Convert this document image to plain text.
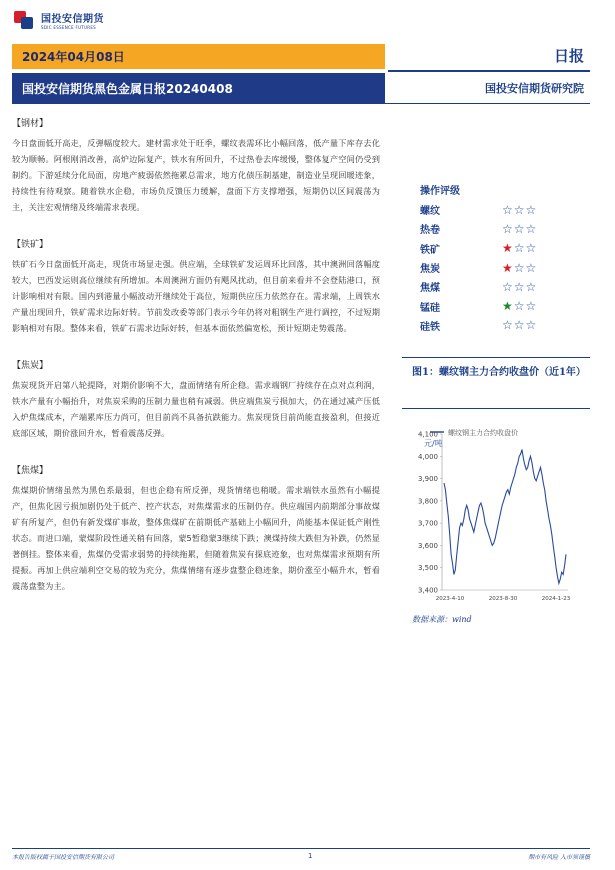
国投安信期货
SDIC ESSENCE FUTURES
2024年04月08日	日报
国投安信期货黑色金属日报20240408	国投安信期货研究院
【钢材】

今日盘面低开高走，反弹幅度较大。建材需求处于旺季，螺纹表需环比小幅回落，低产量下库存去化较为顺畅。阿根刚消改善，高炉边际复产，铁水有所回升，不过热卷去库缓慢，整体复产空间仍受到制约。下游延续分化局面，房地产疲弱依然拖累总需求，地方化债压制基建，制造业呈现回暖迹象，持续性有待观察。随着铁水企稳，市场负反馈压力缓解，盘面下方支撑增强，短期仍以区间震荡为主，关注宏观情绪及终端需求表现。

【铁矿】

铁矿石今日盘面低开高走，现货市场显走强。供应端，全球铁矿发运周环比回落，其中澳洲回落幅度较大，巴西发运则高位继续有所增加。本周澳洲方面仍有飓风扰动，但目前来看并不会登陆港口，预计影响相对有限。国内到港量小幅波动开继续处于高位，短期供应压力依然存在。需求端，上周铁水产量出现回升，铁矿需求边际好转。节前发改委等部门表示今年仍将对粗钢生产进行调控，不过短期影响相对有限。整体来看，铁矿石需求边际好转，但基本面依然偏宽松，预计短期走势震荡。

【焦炭】

焦炭现货开启第八轮提降，对期价影响不大，盘面情绪有所企稳。需求端钢厂持续存在点对点利润，铁水产量有小幅抬升，对焦炭采购的压制力量也稍有减弱。供应端焦炭亏损加大，仍在通过减产压低入炉焦煤成本，产端累库压力尚可，但目前尚不具备抗跌能力。焦炭现货目前尚能直接盈利，但接近底部区域，期价涨回升水，暂看震荡反弹。

【焦煤】

焦煤期价情绪虽然为黑色系最弱，但也企稳有所反弹，现货情绪也稍暖。需求端铁水虽然有小幅提产，但焦化因亏损加剧仍处于低产、控产状态，对焦煤需求的压制仍存。供应端国内前期部分事故煤矿有所复产，但仍有新发煤矿事故，整体焦煤矿在前期低产基础上小幅回升，尚能基本保证低产刚性状态。而进口端，蒙煤阶段性通关稍有回落，蒙5暂稳蒙3继续下跌；澳煤持续大跌但为补跌，仍然显著倒挂。整体来看，焦煤仍受需求弱势的持续拖累，但随着焦炭有探底迹象，也对焦煤需求预期有所提振。再加上供应端利空交易的较为充分，焦煤情绪有逐步盘整企稳迹象，期价涨至小幅升水，暂看震荡盘整为主。

操作评级
螺纹	☆☆☆
热卷	☆☆☆
铁矿	★☆☆
焦炭	★☆☆
焦煤	☆☆☆
锰硅	★☆☆
硅铁	☆☆☆
图1：螺纹钢主力合约收盘价（近1年）
螺纹钢主力合约收盘价
元/吨
3,400
3,500
3,600
3,700
3,800
3,900
4,000
4,100
2023-4-10	2023-8-30	2024-1-23
数据来源：wind
本报告版权属于国投安信期货有限公司	1	期市有风险 入市须谨慎
